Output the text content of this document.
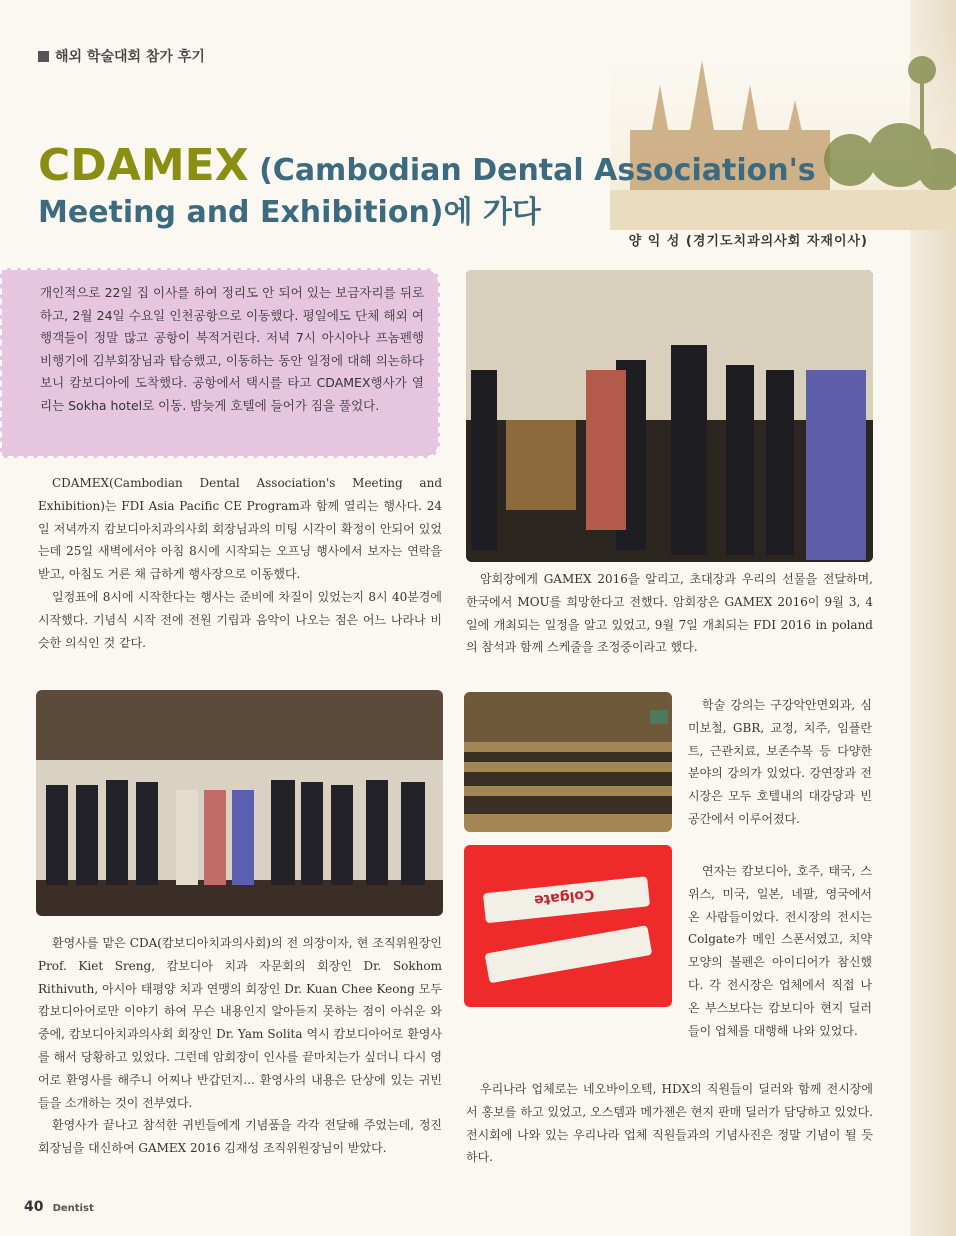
해외 학술대회 참가 후기
CDAMEX (Cambodian Dental Association's
Meeting and Exhibition)에 가다
양 익 성 (경기도치과의사회 자재이사)
개인적으로 22일 집 이사를 하여 정리도 안 되어 있는 보금자리를 뒤로 하고, 2월 24일 수요일 인천공항으로 이동했다. 평일에도 단체 해외 여행객들이 정말 많고 공항이 북적거린다. 저녁 7시 아시아나 프놈펜행 비행기에 김부회장님과 탑승했고, 이동하는 동안 일정에 대해 의논하다 보니 캄보디아에 도착했다. 공항에서 택시를 타고 CDAMEX행사가 열리는 Sokha hotel로 이동. 밤늦게 호텔에 들어가 짐을 풀었다.

CDAMEX(Cambodian Dental Association's Meeting and Exhibition)는 FDI Asia Pacific CE Program과 함께 열리는 행사다. 24일 저녁까지 캄보디아치과의사회 회장님과의 미팅 시각이 확정이 안되어 있었는데 25일 새벽에서야 아침 8시에 시작되는 오프닝 행사에서 보자는 연락을 받고, 아침도 거른 채 급하게 행사장으로 이동했다.

일정표에 8시에 시작한다는 행사는 준비에 차질이 있었는지 8시 40분경에 시작했다. 기념식 시작 전에 전원 기립과 음악이 나오는 점은 어느 나라나 비슷한 의식인 것 같다.

암회장에게 GAMEX 2016을 알리고, 초대장과 우리의 선물을 전달하며, 한국에서 MOU를 희망한다고 전했다. 암회장은 GAMEX 2016이 9월 3, 4일에 개최되는 일정을 알고 있었고, 9월 7일 개최되는 FDI 2016 in poland의 참석과 함께 스케줄을 조정중이라고 했다.

환영사를 맡은 CDA(캄보디아치과의사회)의 전 의장이자, 현 조직위원장인 Prof. Kiet Sreng, 캄보디아 치과 자문회의 회장인 Dr. Sokhom Rithivuth, 아시아 태평양 치과 연맹의 회장인 Dr. Kuan Chee Keong 모두 캄보디아어로만 이야기 하여 무슨 내용인지 알아듣지 못하는 점이 아쉬운 와중에, 캄보디아치과의사회 회장인 Dr. Yam Solita 역시 캄보디아어로 환영사를 해서 당황하고 있었다. 그런데 암회장이 인사를 끝마치는가 싶더니 다시 영어로 환영사를 해주니 어찌나 반갑던지... 환영사의 내용은 단상에 있는 귀빈들을 소개하는 것이 전부였다.

환영사가 끝나고 참석한 귀빈들에게 기념품을 각각 전달해 주었는데, 정진 회장님을 대신하여 GAMEX 2016 김재성 조직위원장님이 받았다.

Colgate

학술 강의는 구강악안면외과, 심미보철, GBR, 교정, 치주, 임플란트, 근관치료, 보존수복 등 다양한 분야의 강의가 있었다. 강연장과 전시장은 모두 호텔내의 대강당과 빈 공간에서 이루어졌다.

연자는 캄보디아, 호주, 태국, 스위스, 미국, 일본, 네팔, 영국에서 온 사람들이었다. 전시장의 전시는 Colgate가 메인 스폰서였고, 치약 모양의 볼펜은 아이디어가 참신했다. 각 전시장은 업체에서 직접 나온 부스보다는 캄보디아 현지 딜러들이 업체를 대행해 나와 있었다.

우리나라 업체로는 네오바이오텍, HDX의 직원들이 딜러와 함께 전시장에서 홍보를 하고 있었고, 오스템과 메가젠은 현지 판매 딜러가 담당하고 있었다. 전시회에 나와 있는 우리나라 업체 직원들과의 기념사진은 정말 기념이 될 듯하다.

40 Dentist
